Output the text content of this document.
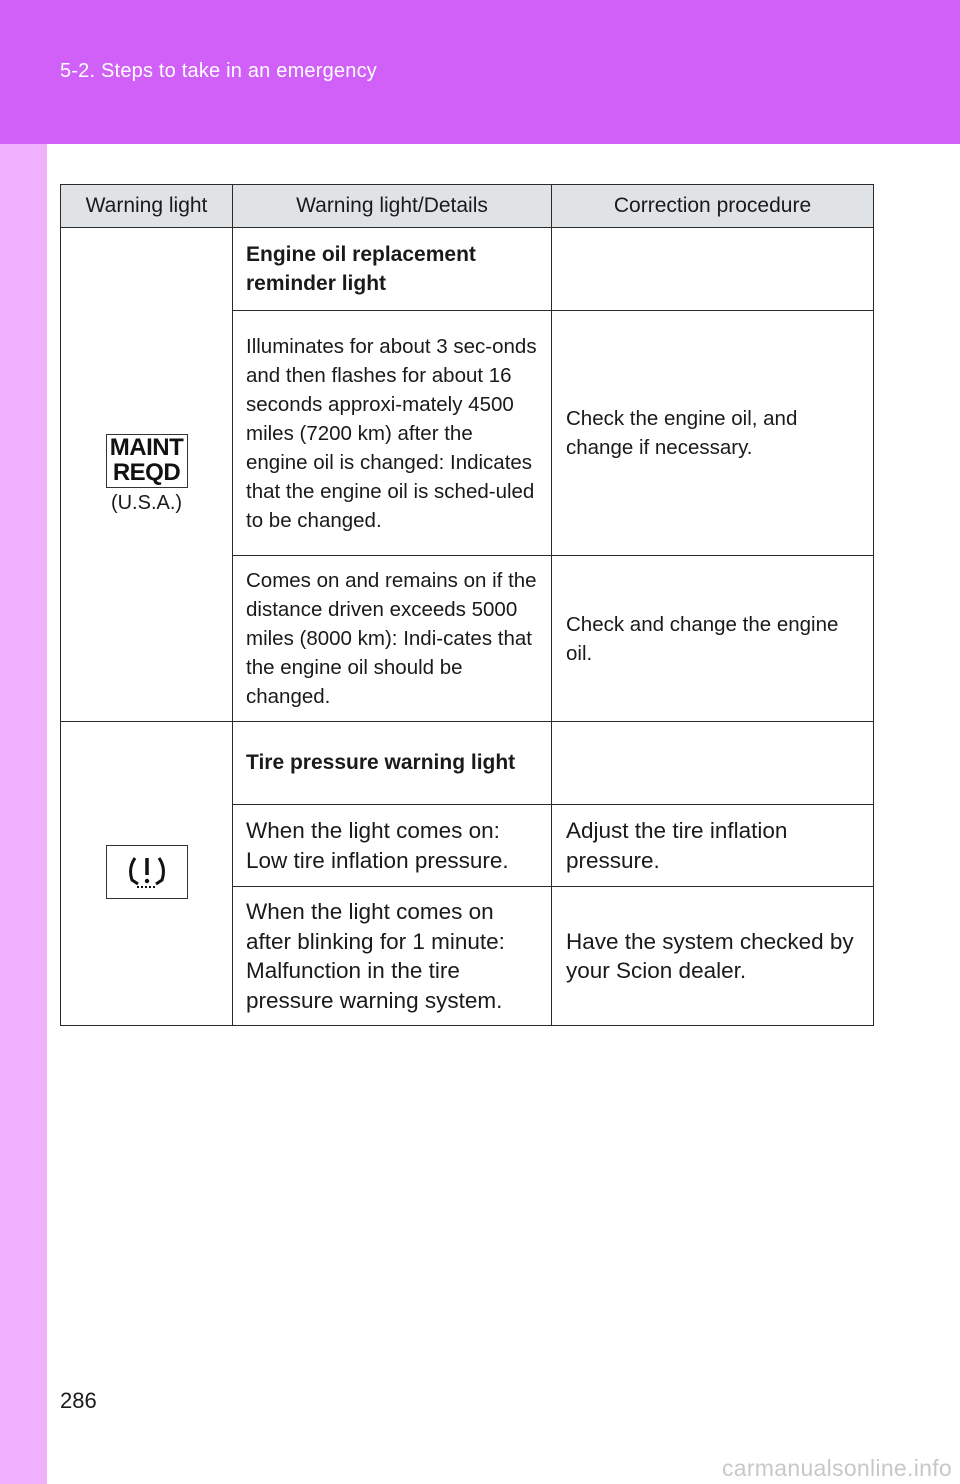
5-2. Steps to take in an emergency
Warning light	Warning light/Details	Correction procedure

MAINT
REQD
(U.S.A.)	Engine oil replacement reminder light	
	Illuminates for about 3 sec-onds and then flashes for about 16 seconds approxi-mately 4500 miles (7200 km) after the engine oil is changed: Indicates that the engine oil is sched-uled to be changed.	Check the engine oil, and change if necessary.
	Comes on and remains on if the distance driven exceeds 5000 miles (8000 km): Indi-cates that the engine oil should be changed.	Check and change the engine oil.
	Tire pressure warning light	
	When the light comes on: Low tire inflation pressure.	Adjust the tire inflation pressure.
	When the light comes on after blinking for 1 minute: Malfunction in the tire pressure warning system.	Have the system checked by your Scion dealer.
286
carmanualsonline.info
